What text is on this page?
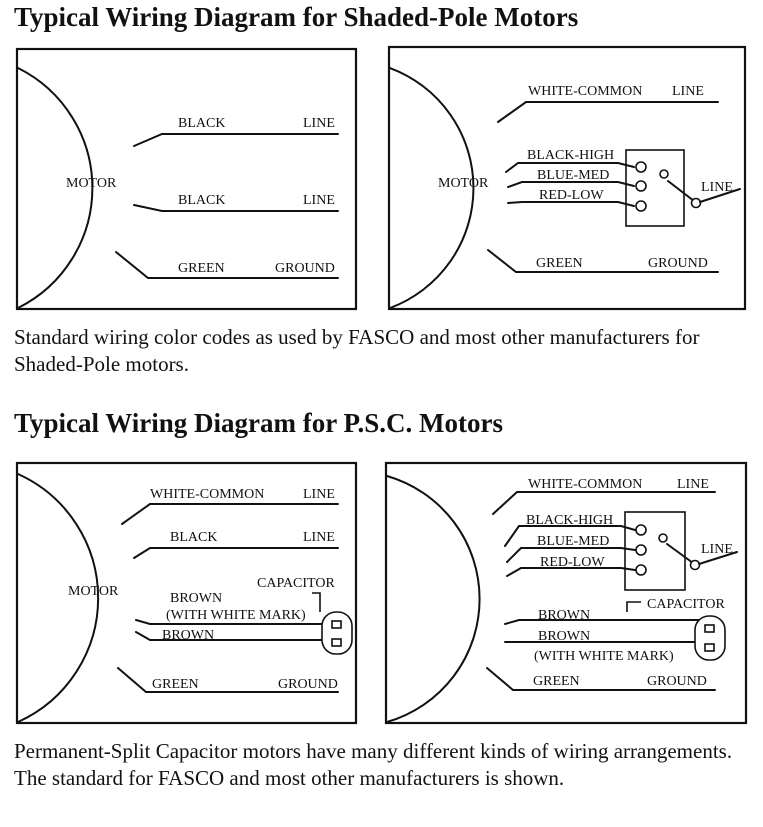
Typical Wiring Diagram for Shaded-Pole Motors
MOTOR
BLACK	LINE
BLACK	LINE
GREEN	GROUND
MOTOR
WHITE-COMMON LINE
BLACK-HIGH
BLUE-MED
RED-LOW
LINE
GREEN	GROUND

Standard wiring color codes as used by FASCO and most other manufacturers for Shaded-Pole motors.

Typical Wiring Diagram for P.S.C. Motors
MOTOR
WHITE-COMMON	LINE
BLACK	LINE
BROWN
(WITH WHITE MARK)
CAPACITOR
BROWN
GREEN	GROUND
WHITE-COMMON LINE
BLACK-HIGH
BLUE-MED
RED-LOW
LINE
BROWN
CAPACITOR
BROWN
(WITH WHITE MARK)
GREEN	GROUND

Permanent-Split Capacitor motors have many different kinds of wiring arrangements. The standard for FASCO and most other manufacturers is shown.
